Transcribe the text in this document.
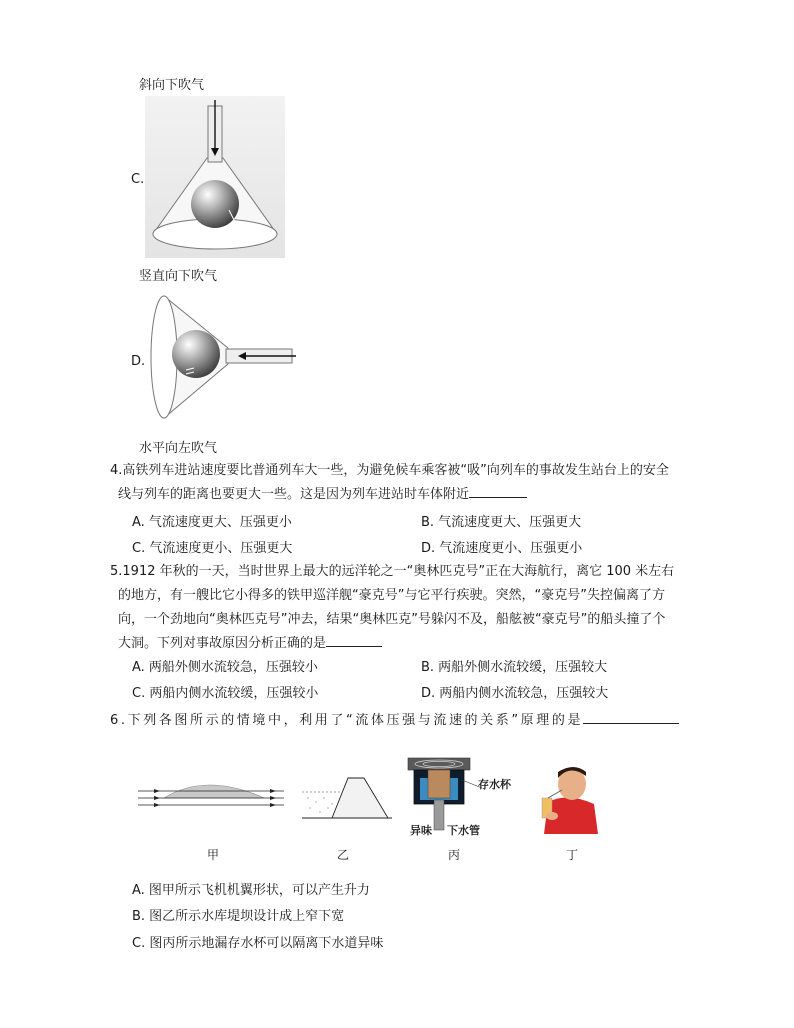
斜向下吹气
C.
竖直向下吹气
D.
水平向左吹气
4.高铁列车进站速度要比普通列车大一些，为避免候车乘客被“吸”向列车的事故发生站台上的安全
线与列车的距离也要更大一些。这是因为列车进站时车体附近
A. 气流速度更大、压强更小	B. 气流速度更大、压强更大
C. 气流速度更小、压强更大	D. 气流速度更小、压强更小
5.1912 年秋的一天，当时世界上最大的远洋轮之一“奥林匹克号”正在大海航行，离它 100 米左右
的地方，有一艘比它小得多的铁甲巡洋舰“豪克号”与它平行疾驶。突然，“豪克号”失控偏离了方
向，一个劲地向“奥林匹克号”冲去，结果“奥林匹克”号躲闪不及，船舷被“豪克号”的船头撞了个
大洞。下列对事故原因分析正确的是
A. 两船外侧水流较急，压强较小	B. 两船外侧水流较缓，压强较大
C. 两船内侧水流较缓，压强较小	D. 两船内侧水流较急，压强较大
6.下列各图所示的情境中，利用了“流体压强与流速的关系”原理的是
存水杯
异味 下水管
甲	乙	丙	丁
A. 图甲所示飞机机翼形状，可以产生升力
B. 图乙所示水库堤坝设计成上窄下宽
C. 图丙所示地漏存水杯可以隔离下水道异味
